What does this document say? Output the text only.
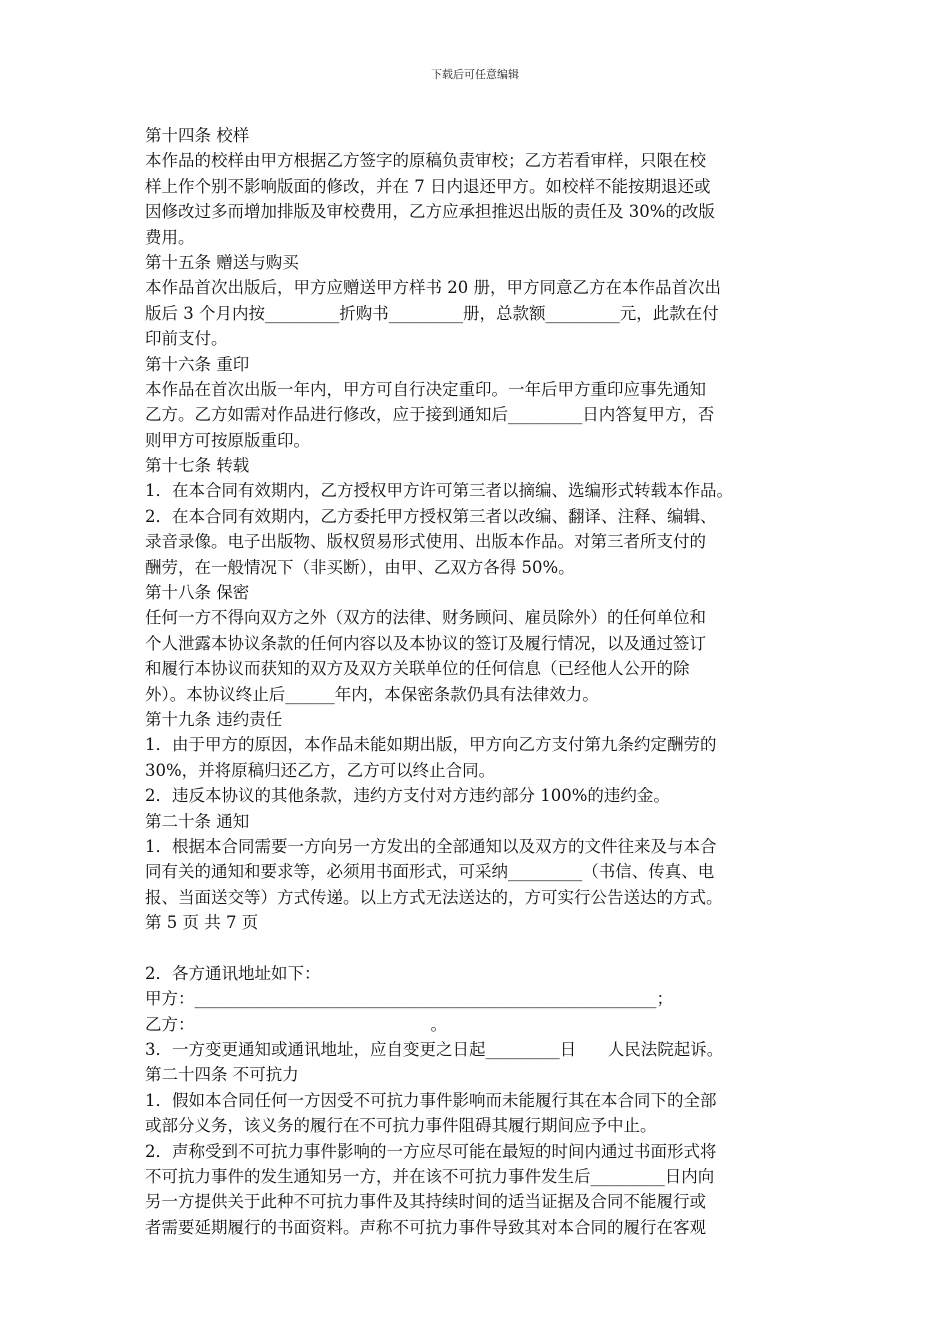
下载后可任意编辑
第十四条 校样
本作品的校样由甲方根据乙方签字的原稿负责审校；乙方若看审样，只限在校
样上作个别不影响版面的修改，并在 7 日内退还甲方。如校样不能按期退还或
因修改过多而增加排版及审校费用，乙方应承担推迟出版的责任及 30%的改版
费用。
第十五条 赠送与购买
本作品首次出版后，甲方应赠送甲方样书 20 册，甲方同意乙方在本作品首次出
版后 3 个月内按_________折购书_________册，总款额_________元，此款在付
印前支付。
第十六条 重印
本作品在首次出版一年内，甲方可自行决定重印。一年后甲方重印应事先通知
乙方。乙方如需对作品进行修改，应于接到通知后_________日内答复甲方，否
则甲方可按原版重印。
第十七条 转载
1．在本合同有效期内，乙方授权甲方许可第三者以摘编、选编形式转载本作品。
2．在本合同有效期内，乙方委托甲方授权第三者以改编、翻译、注释、编辑、
录音录像。电子出版物、版权贸易形式使用、出版本作品。对第三者所支付的
酬劳，在一般情况下（非买断），由甲、乙双方各得 50%。
第十八条 保密
任何一方不得向双方之外（双方的法律、财务顾问、雇员除外）的任何单位和
个人泄露本协议条款的任何内容以及本协议的签订及履行情况，以及通过签订
和履行本协议而获知的双方及双方关联单位的任何信息（已经他人公开的除
外）。本协议终止后______年内，本保密条款仍具有法律效力。
第十九条 违约责任
1．由于甲方的原因，本作品未能如期出版，甲方向乙方支付第九条约定酬劳的
30%，并将原稿归还乙方，乙方可以终止合同。
2．违反本协议的其他条款，违约方支付对方违约部分 100%的违约金。
第二十条 通知
1．根据本合同需要一方向另一方发出的全部通知以及双方的文件往来及与本合
同有关的通知和要求等，必须用书面形式，可采纳_________（书信、传真、电
报、当面送交等）方式传递。以上方式无法送达的，方可实行公告送达的方式。
第 5 页 共 7 页
2．各方通讯地址如下：
甲方：________________________________________________________；
乙方：                                             。
3．一方变更通知或通讯地址，应自变更之日起_________日      人民法院起诉。
第二十四条 不可抗力
1．假如本合同任何一方因受不可抗力事件影响而未能履行其在本合同下的全部
或部分义务，该义务的履行在不可抗力事件阻碍其履行期间应予中止。
2．声称受到不可抗力事件影响的一方应尽可能在最短的时间内通过书面形式将
不可抗力事件的发生通知另一方，并在该不可抗力事件发生后_________日内向
另一方提供关于此种不可抗力事件及其持续时间的适当证据及合同不能履行或
者需要延期履行的书面资料。声称不可抗力事件导致其对本合同的履行在客观
